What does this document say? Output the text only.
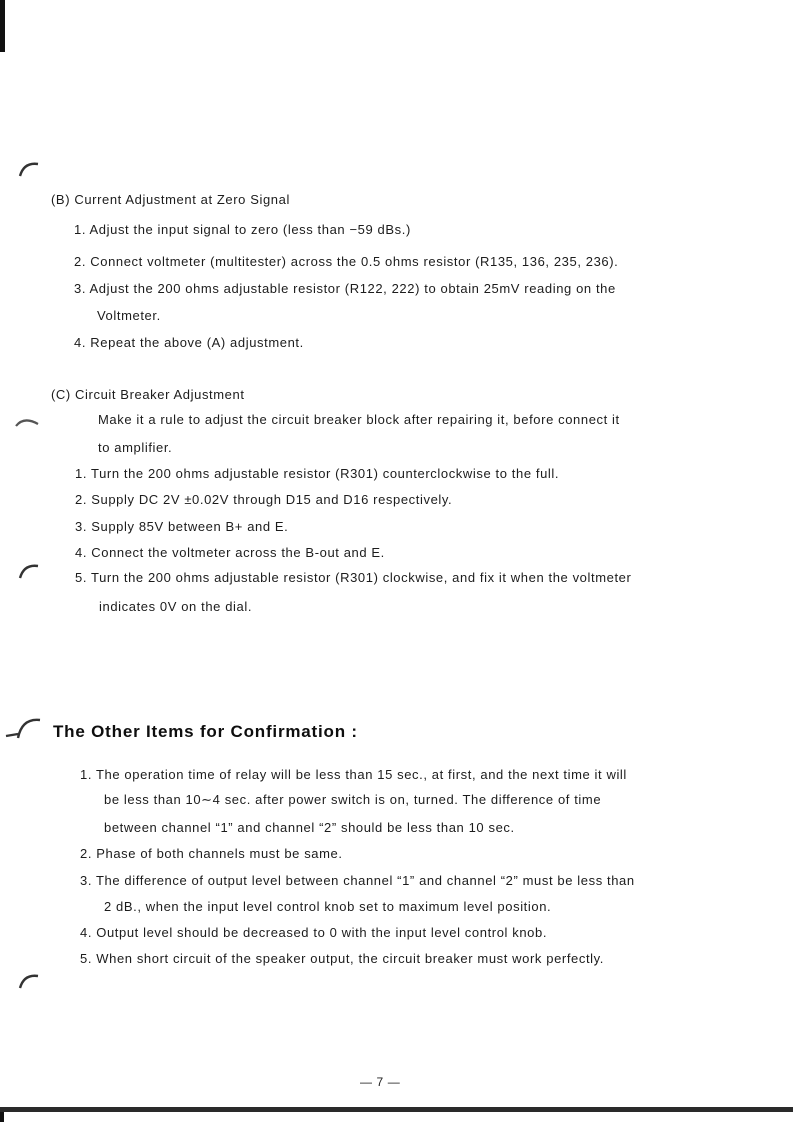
(B) Current Adjustment at Zero Signal
1. Adjust the input signal to zero (less than −59 dBs.)
2. Connect voltmeter (multitester) across the 0.5 ohms resistor (R135, 136, 235, 236).
3. Adjust the 200 ohms adjustable resistor (R122, 222) to obtain 25mV reading on the
Voltmeter.
4. Repeat the above (A) adjustment.
(C) Circuit Breaker Adjustment
Make it a rule to adjust the circuit breaker block after repairing it, before connect it
to amplifier.
1. Turn the 200 ohms adjustable resistor (R301) counterclockwise to the full.
2. Supply DC 2V ±0.02V through D15 and D16 respectively.
3. Supply 85V between B+ and E.
4. Connect the voltmeter across the B-out and E.
5. Turn the 200 ohms adjustable resistor (R301) clockwise, and fix it when the voltmeter
indicates 0V on the dial.
The Other Items for Confirmation :
1. The operation time of relay will be less than 15 sec., at first, and the next time it will
be less than 10∼4 sec. after power switch is on, turned. The difference of time
between channel “1” and channel “2” should be less than 10 sec.
2. Phase of both channels must be same.
3. The difference of output level between channel “1” and channel “2” must be less than
2 dB., when the input level control knob set to maximum level position.
4. Output level should be decreased to 0 with the input level control knob.
5. When short circuit of the speaker output, the circuit breaker must work perfectly.
— 7 —
